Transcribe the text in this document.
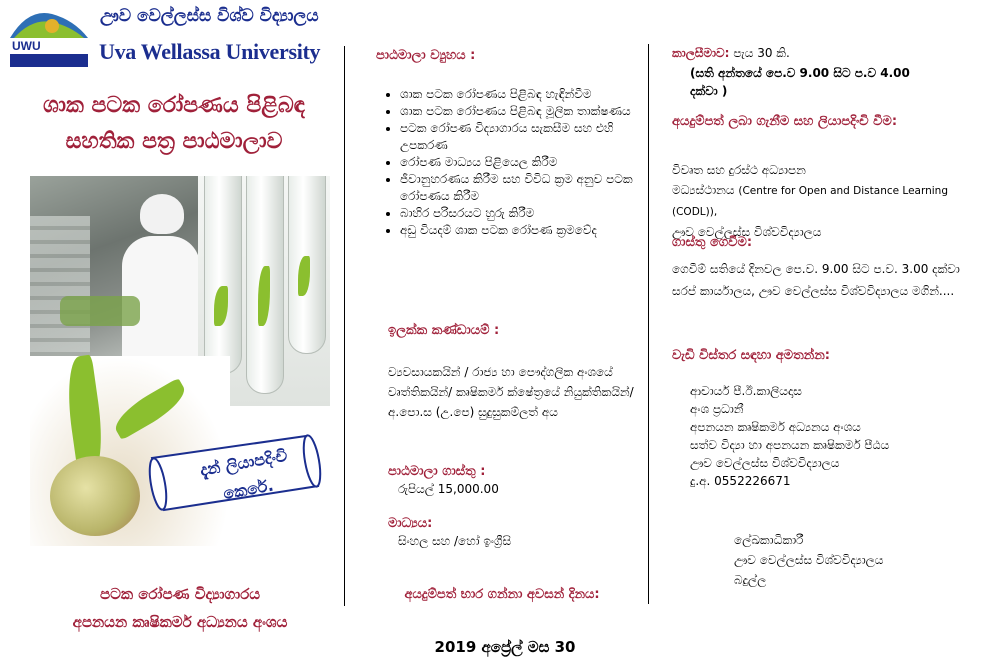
UWU
ඌව වෙල්ලස්ස විශ්ව විද්‍යාලය
Uva Wellassa University
ශාක පටක රෝපණය පිළිබඳ
සහතික පත්‍ර පාඨමාලාව
දැන් ලියාපදිංචි
කෙරේ.
පටක රෝපණ විද්‍යාගාරය
අපනයන කෘෂිකර්ම අධ්‍යනය අංශය
පාඨමාලා ව්‍යුහය :
• ශාක පටක රෝපණය පිළිබඳ හැඳින්වීම
• ශාක පටක රෝපණය පිළිබඳ මූලික තාක්ෂණය
• පටක රෝපණ විද්‍යාගාරය සැකසීම සහ එහි උපකරණ
• රෝපණ මාධ්‍යය පිළියෙල කිරීම
• ජීවානුහරණය කිරීම සහ විවිධ ක්‍රම අනුව පටක රෝපණය කිරීම
• බාහිර පරිසරයට හුරු කිරීම
• අඩු වියදම් ශාක පටක රෝපණ ක්‍රමවේද
ඉලක්ක කණ්ඩායම් :
ව්‍යවසායකයින් / රාජ්‍ය හා පෞද්ගලික අංශයේ වෘත්තිකයින්/ කෘෂිකර්ම ක්ෂේත්‍රයේ නියුක්තිකයින්/ අ.පො.ස (උ.පෙ) සුදුසුකම්ලත් අය
පාඨමාලා ගාස්තු :
රුපියල් 15,000.00
මාධ්‍යය:
සිංහල සහ /හෝ ඉංග්‍රීසි
අයදුම්පත් භාර ගන්නා අවසන් දිනය:
2019 අප්‍රේල් මස 30
කාලසීමාව: පැය 30 කි.
(සති අන්තයේ පෙ.ව 9.00 සිට ප.ව 4.00 දක්වා )
අයදුම්පත් ලබා ගැනීම සහ ලියාපදිංචි වීම:
විවෘත සහ දුරස්ථ අධ්‍යාපන
මධ්‍යස්ථානය (Centre for Open and Distance Learning (CODL)),
ඌව වෙල්ලස්ස විශ්වවිද්‍යාලය
ගාස්තු ගෙවීම:
ගෙවීම් සතියේ දිනවල පෙ.ව. 9.00 සිට ප.ව. 3.00 දක්වා සරප් කාර්යාලය, ඌව වෙල්ලස්ස විශ්වවිද්‍යාලය මගින්....
වැඩි විස්තර සඳහා අමතන්න:
ආචාර්ය පී.ඊ.කාලියදාස
අංශ ප්‍රධානී
අපනයන කෘෂිකර්ම අධ්‍යනය අංශය
සත්ව විද්‍යා හා අපනයන කෘෂිකර්ම පීඨය
ඌව වෙල්ලස්ස විශ්වවිද්‍යාලය
දු.අ. 0552226671
ලේඛකාධිකාරී
ඌව වෙල්ලස්ස විශ්වවිද්‍යාලය
බදුල්ල
